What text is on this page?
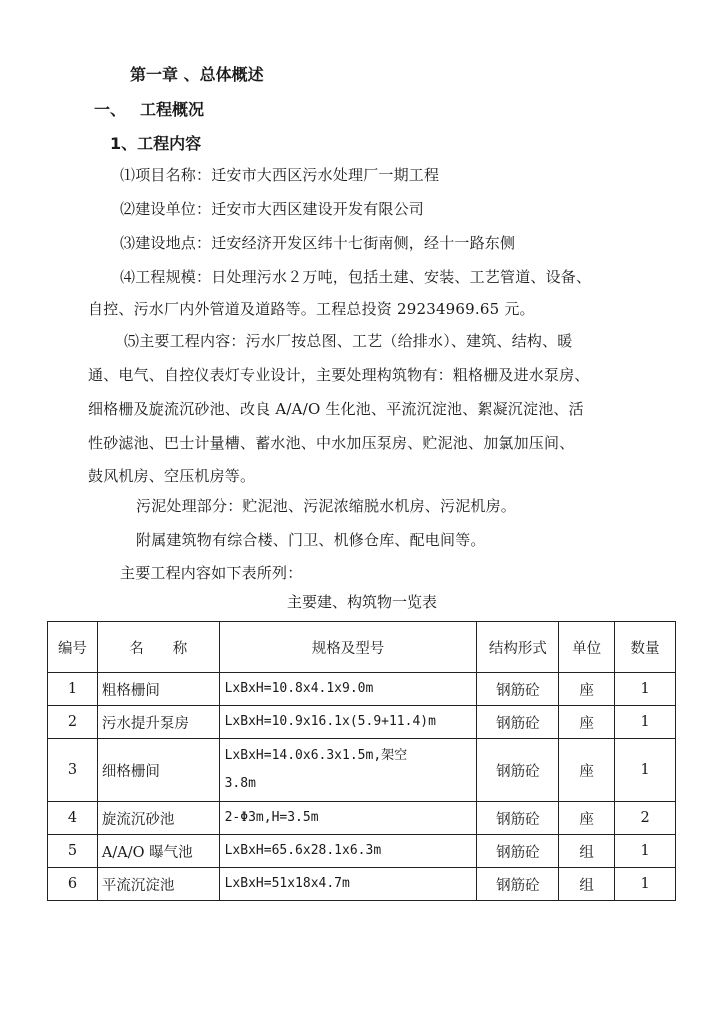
第一章 、总体概述
一、 工程概况
1、工程内容
⑴项目名称：迁安市大西区污水处理厂一期工程
⑵建设单位：迁安市大西区建设开发有限公司
⑶建设地点：迁安经济开发区纬十七街南侧，经十一路东侧
⑷工程规模：日处理污水２万吨，包括土建、安装、工艺管道、设备、
自控、污水厂内外管道及道路等。工程总投资 29234969.65 元。
⑸主要工程内容：污水厂按总图、工艺（给排水）、建筑、结构、暖
通、电气、自控仪表灯专业设计，主要处理构筑物有：粗格栅及进水泵房、
细格栅及旋流沉砂池、改良 A/A/O 生化池、平流沉淀池、絮凝沉淀池、活
性砂滤池、巴士计量槽、蓄水池、中水加压泵房、贮泥池、加氯加压间、
鼓风机房、空压机房等。
污泥处理部分：贮泥池、污泥浓缩脱水机房、污泥机房。
附属建筑物有综合楼、门卫、机修仓库、配电间等。
主要工程内容如下表所列：
主要建、构筑物一览表
编号	名　　称	规格及型号	结构形式	单位	数量
1	粗格栅间	LxBxH=10.8x4.1x9.0m	钢筋砼	座	1
2	污水提升泵房	LxBxH=10.9x16.1x(5.9+11.4)m	钢筋砼	座	1
3	细格栅间	LxBxH=14.0x6.3x1.5m,架空
3.8m	钢筋砼	座	1
4	旋流沉砂池	2-Φ3m,H=3.5m	钢筋砼	座	2
5	A/A/O 曝气池	LxBxH=65.6x28.1x6.3m	钢筋砼	组	1
6	平流沉淀池	LxBxH=51x18x4.7m	钢筋砼	组	1
